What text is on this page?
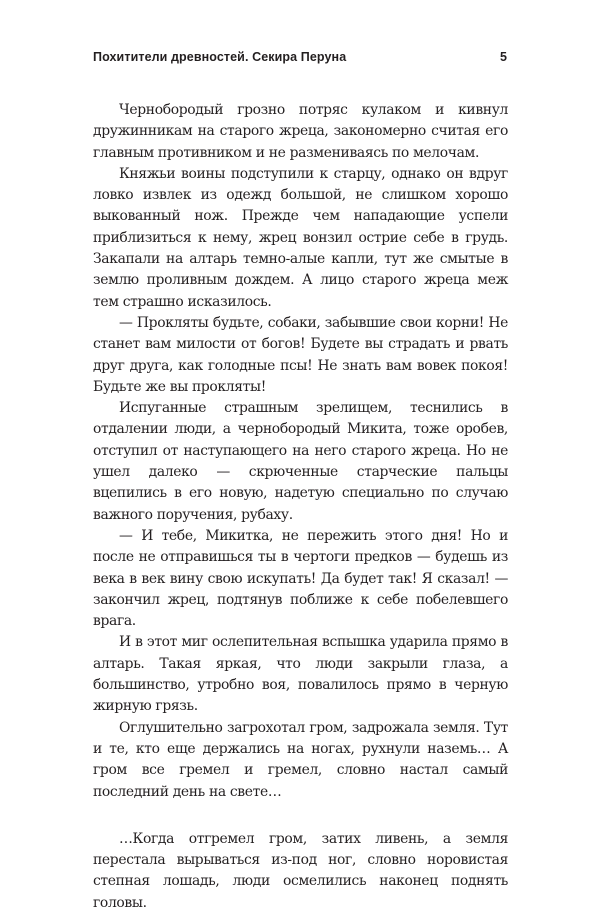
Похитители древностей. Секира Перуна	5

Чернобородый грозно потряс кулаком и кивнул дружинникам на старого жреца, закономерно считая его главным противником и не размениваясь по мелочам.

Княжьи воины подступили к старцу, однако он вдруг ловко извлек из одежд большой, не слишком хорошо выкованный нож. Прежде чем нападающие успели приблизиться к нему, жрец вонзил острие себе в грудь. Закапали на алтарь темно-алые капли, тут же смытые в землю проливным дождем. А лицо старого жреца меж тем страшно исказилось.

— Прокляты будьте, собаки, забывшие свои корни! Не станет вам милости от богов! Будете вы страдать и рвать друг друга, как голодные псы! Не знать вам вовек покоя! Будьте же вы прокляты!

Испуганные страшным зрелищем, теснились в отдалении люди, а чернобородый Микита, тоже оробев, отступил от наступающего на него старого жреца. Но не ушел далеко — скрюченные старческие пальцы вцепились в его новую, надетую специально по случаю важного поручения, рубаху.

— И тебе, Микитка, не пережить этого дня! Но и после не отправишься ты в чертоги предков — будешь из века в век вину свою искупать! Да будет так! Я сказал! — закончил жрец, подтянув поближе к себе побелевшего врага.

И в этот миг ослепительная вспышка ударила прямо в алтарь. Такая яркая, что люди закрыли глаза, а большинство, утробно воя, повалилось прямо в черную жирную грязь.

Оглушительно загрохотал гром, задрожала земля. Тут и те, кто еще держались на ногах, рухнули наземь… А гром все гремел и гремел, словно настал самый последний день на свете…

…Когда отгремел гром, затих ливень, а земля перестала вырываться из-под ног, словно норовистая степная лошадь, люди осмелились наконец поднять головы.
